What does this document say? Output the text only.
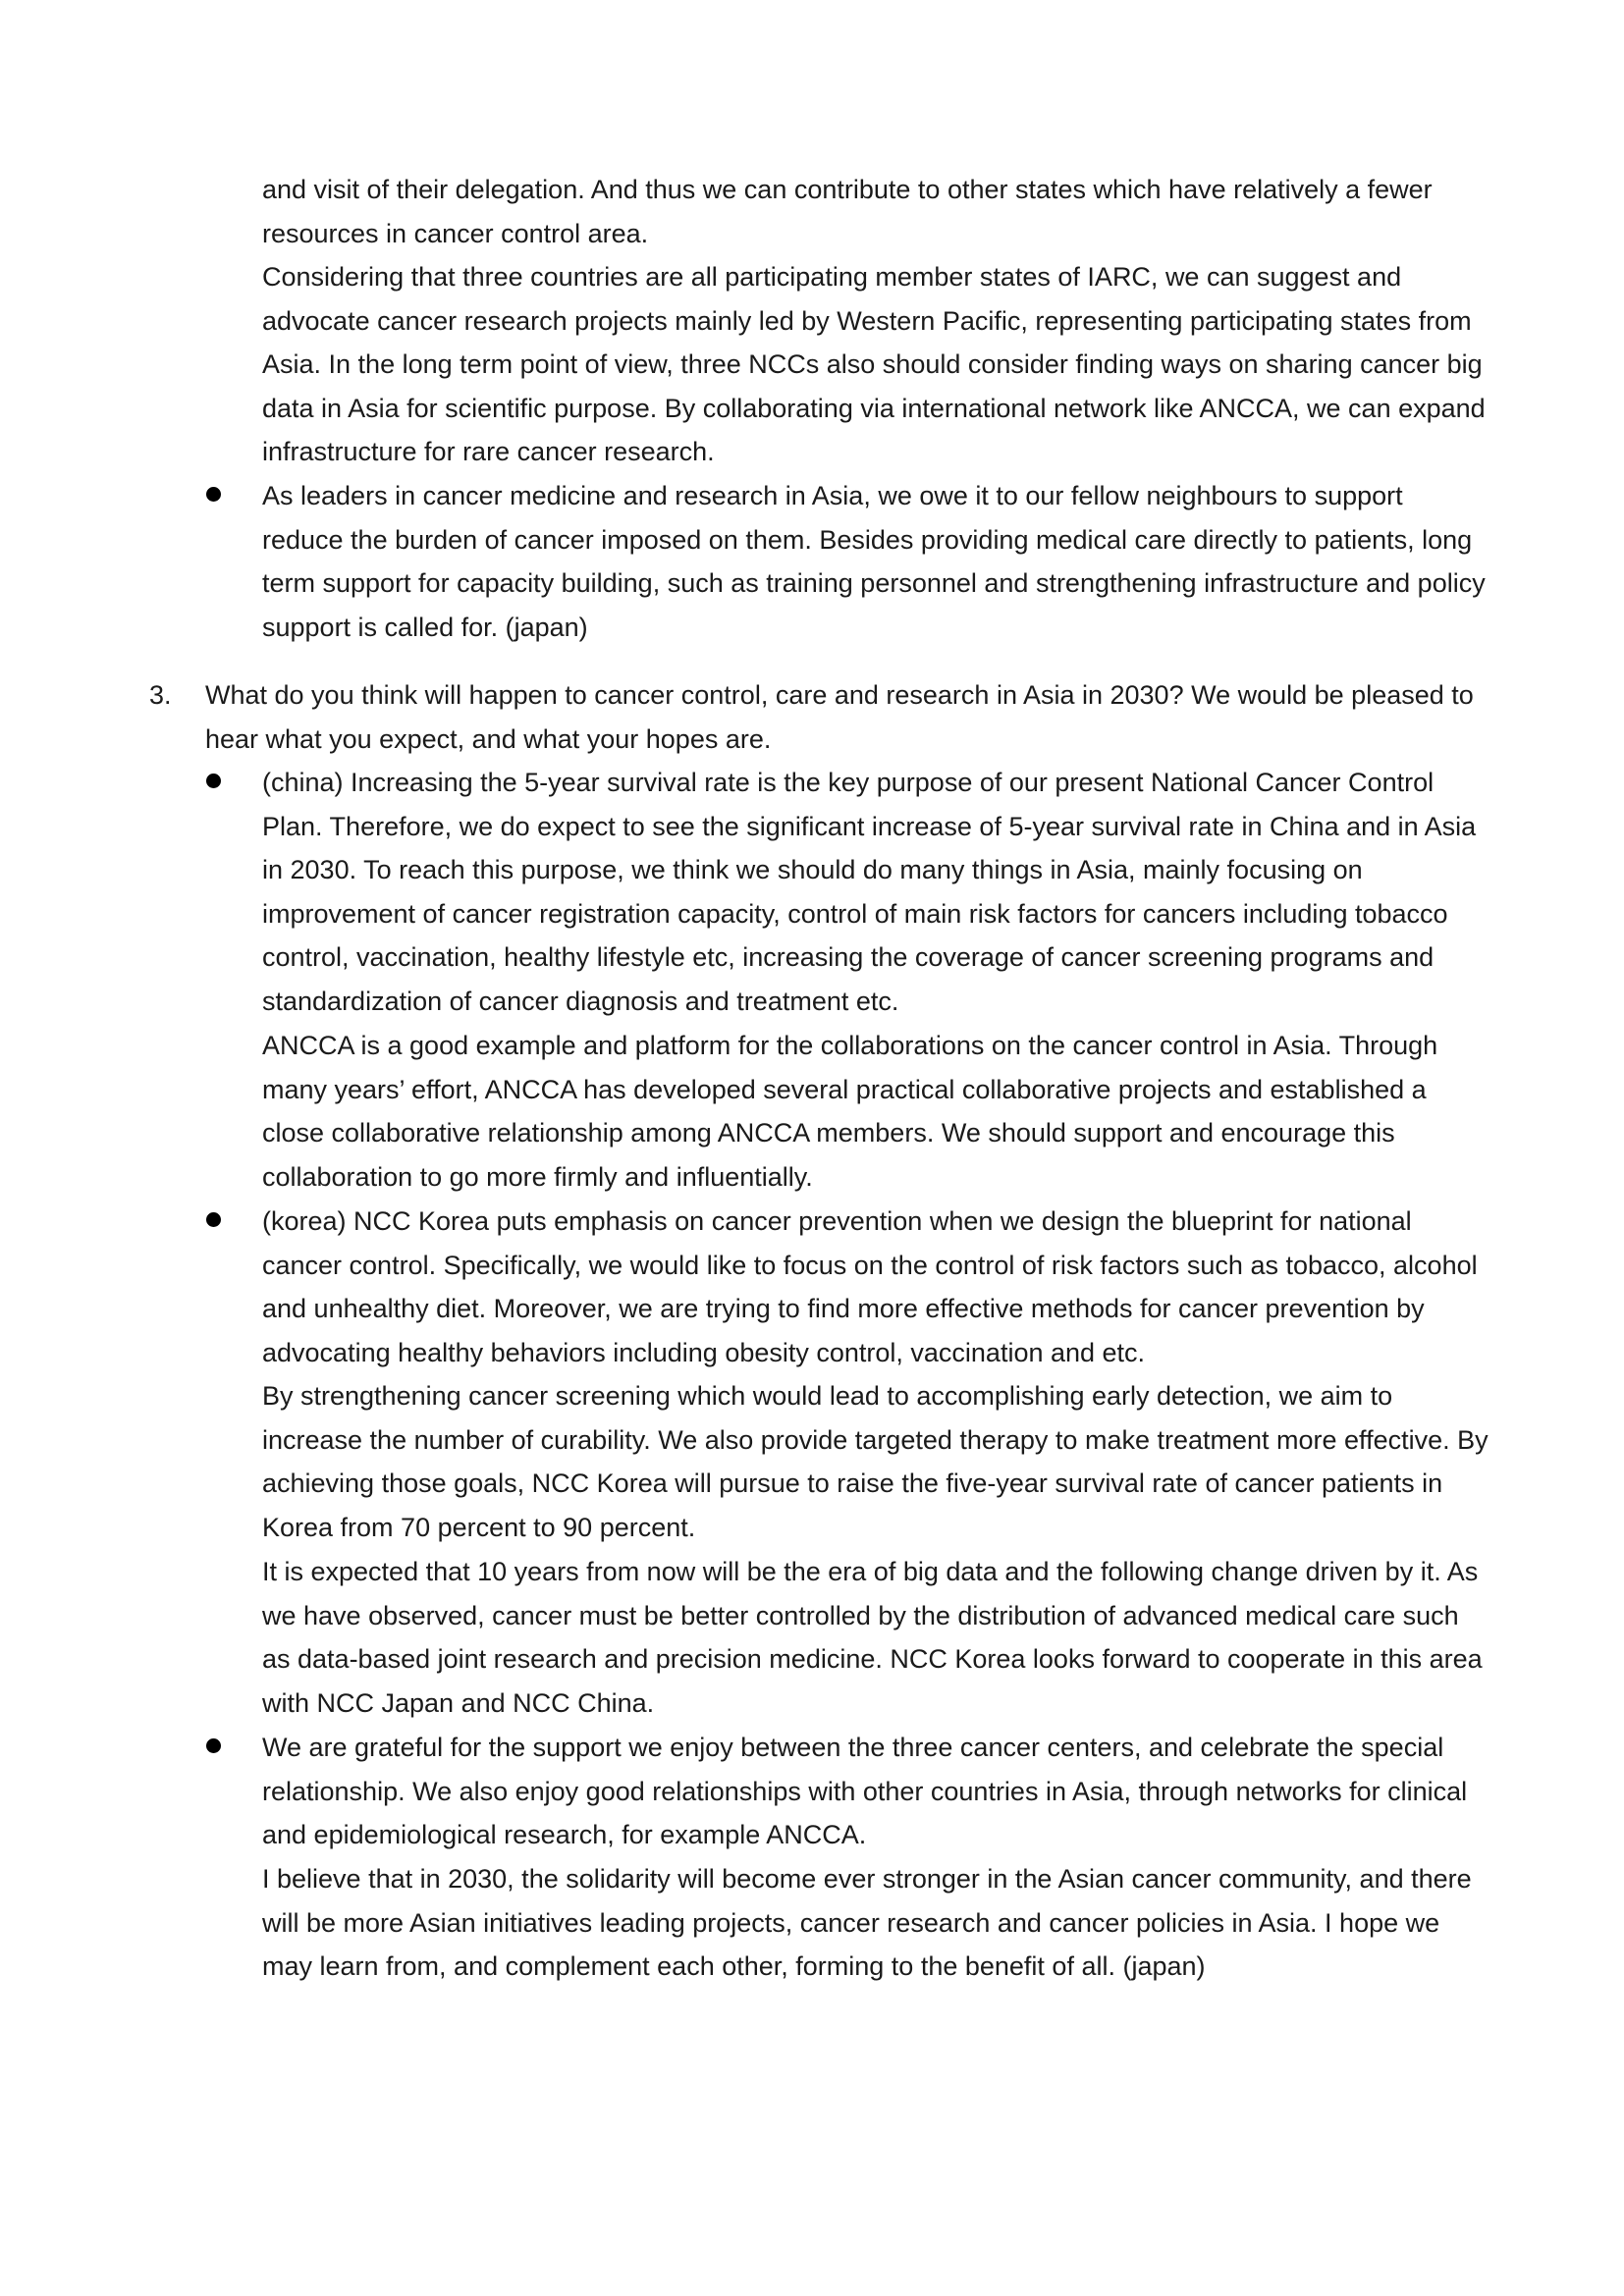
and visit of their delegation. And thus we can contribute to other states which have relatively a fewer resources in cancer control area.

Considering that three countries are all participating member states of IARC, we can suggest and advocate cancer research projects mainly led by Western Pacific, representing participating states from Asia. In the long term point of view, three NCCs also should consider finding ways on sharing cancer big data in Asia for scientific purpose. By collaborating via international network like ANCCA, we can expand infrastructure for rare cancer research.

As leaders in cancer medicine and research in Asia, we owe it to our fellow neighbours to support reduce the burden of cancer imposed on them. Besides providing medical care directly to patients, long term support for capacity building, such as training personnel and strengthening infrastructure and policy support is called for. (japan)

3. What do you think will happen to cancer control, care and research in Asia in 2030? We would be pleased to hear what you expect, and what your hopes are.

(china) Increasing the 5-year survival rate is the key purpose of our present National Cancer Control Plan. Therefore, we do expect to see the significant increase of 5-year survival rate in China and in Asia in 2030. To reach this purpose, we think we should do many things in Asia, mainly focusing on improvement of cancer registration capacity, control of main risk factors for cancers including tobacco control, vaccination, healthy lifestyle etc, increasing the coverage of cancer screening programs and standardization of cancer diagnosis and treatment etc.

ANCCA is a good example and platform for the collaborations on the cancer control in Asia. Through many years’ effort, ANCCA has developed several practical collaborative projects and established a close collaborative relationship among ANCCA members. We should support and encourage this collaboration to go more firmly and influentially.

(korea) NCC Korea puts emphasis on cancer prevention when we design the blueprint for national cancer control. Specifically, we would like to focus on the control of risk factors such as tobacco, alcohol and unhealthy diet. Moreover, we are trying to find more effective methods for cancer prevention by advocating healthy behaviors including obesity control, vaccination and etc.

By strengthening cancer screening which would lead to accomplishing early detection, we aim to increase the number of curability. We also provide targeted therapy to make treatment more effective. By achieving those goals, NCC Korea will pursue to raise the five-year survival rate of cancer patients in Korea from 70 percent to 90 percent.

It is expected that 10 years from now will be the era of big data and the following change driven by it. As we have observed, cancer must be better controlled by the distribution of advanced medical care such as data-based joint research and precision medicine. NCC Korea looks forward to cooperate in this area with NCC Japan and NCC China.

We are grateful for the support we enjoy between the three cancer centers, and celebrate the special relationship. We also enjoy good relationships with other countries in Asia, through networks for clinical and epidemiological research, for example ANCCA.

I believe that in 2030, the solidarity will become ever stronger in the Asian cancer community, and there will be more Asian initiatives leading projects, cancer research and cancer policies in Asia. I hope we may learn from, and complement each other, forming to the benefit of all. (japan)
